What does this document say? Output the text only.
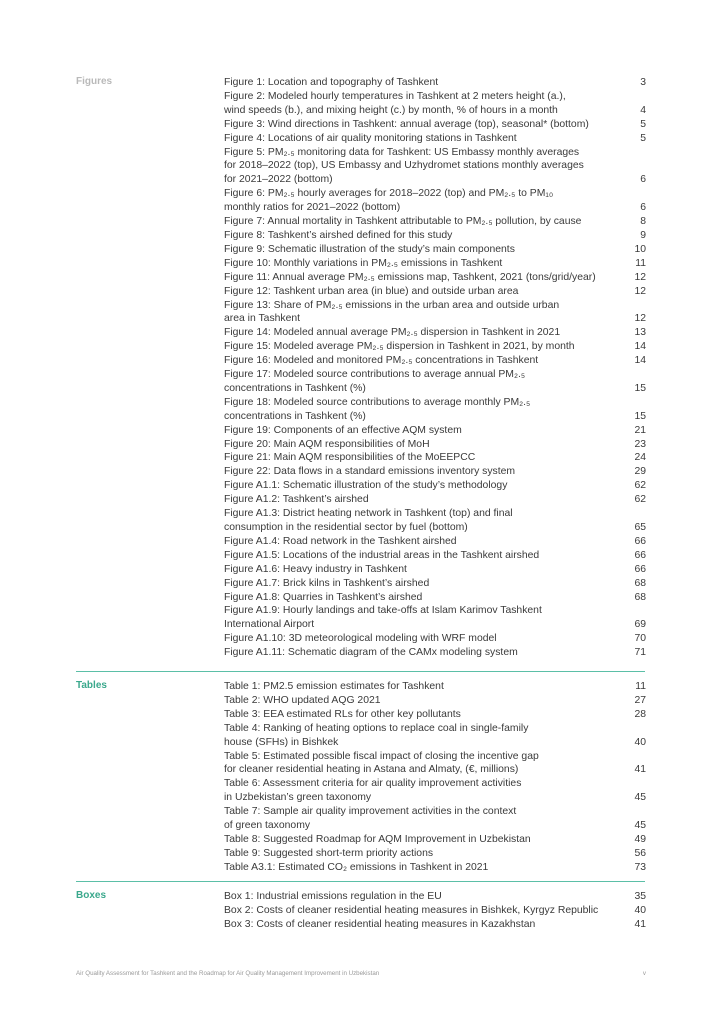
Figures	Figure 1: Location and topography of Tashkent	3
Figure 2: Modeled hourly temperatures in Tashkent at 2 meters height (a.),
wind speeds (b.), and mixing height (c.) by month, % of hours in a month	4
Figure 3: Wind directions in Tashkent: annual average (top), seasonal* (bottom)	5
Figure 4: Locations of air quality monitoring stations in Tashkent	5
Figure 5: PM₂.₅ monitoring data for Tashkent: US Embassy monthly averages
for 2018–2022 (top), US Embassy and Uzhydromet stations monthly averages
for 2021–2022 (bottom)	6
Figure 6: PM₂.₅ hourly averages for 2018–2022 (top) and PM₂.₅ to PM₁₀
monthly ratios for 2021–2022 (bottom)	6
Figure 7: Annual mortality in Tashkent attributable to PM₂.₅ pollution, by cause	8
Figure 8: Tashkent’s airshed defined for this study	9
Figure 9: Schematic illustration of the study’s main components	10
Figure 10: Monthly variations in PM₂.₅ emissions in Tashkent	11
Figure 11: Annual average PM₂.₅ emissions map, Tashkent, 2021 (tons/grid/year)	12
Figure 12: Tashkent urban area (in blue) and outside urban area	12
Figure 13: Share of PM₂.₅ emissions in the urban area and outside urban
area in Tashkent	12
Figure 14: Modeled annual average PM₂.₅ dispersion in Tashkent in 2021	13
Figure 15: Modeled average PM₂.₅ dispersion in Tashkent in 2021, by month	14
Figure 16: Modeled and monitored PM₂.₅ concentrations in Tashkent	14
Figure 17: Modeled source contributions to average annual PM₂.₅
concentrations in Tashkent (%)	15
Figure 18: Modeled source contributions to average monthly PM₂.₅
concentrations in Tashkent (%)	15
Figure 19: Components of an effective AQM system	21
Figure 20: Main AQM responsibilities of MoH	23
Figure 21: Main AQM responsibilities of the MoEEPCC	24
Figure 22: Data flows in a standard emissions inventory system	29
Figure A1.1: Schematic illustration of the study’s methodology	62
Figure A1.2: Tashkent’s airshed	62
Figure A1.3: District heating network in Tashkent (top) and final
consumption in the residential sector by fuel (bottom)	65
Figure A1.4: Road network in the Tashkent airshed	66
Figure A1.5: Locations of the industrial areas in the Tashkent airshed	66
Figure A1.6: Heavy industry in Tashkent	66
Figure A1.7: Brick kilns in Tashkent’s airshed	68
Figure A1.8: Quarries in Tashkent’s airshed	68
Figure A1.9: Hourly landings and take-offs at Islam Karimov Tashkent
International Airport	69
Figure A1.10: 3D meteorological modeling with WRF model	70
Figure A1.11: Schematic diagram of the CAMx modeling system	71
Tables	Table 1: PM2.5 emission estimates for Tashkent	11
Table 2: WHO updated AQG 2021	27
Table 3: EEA estimated RLs for other key pollutants	28
Table 4: Ranking of heating options to replace coal in single-family
house (SFHs) in Bishkek	40
Table 5: Estimated possible fiscal impact of closing the incentive gap
for cleaner residential heating in Astana and Almaty, (€, millions)	41
Table 6: Assessment criteria for air quality improvement activities
in Uzbekistan’s green taxonomy	45
Table 7: Sample air quality improvement activities in the context
of green taxonomy	45
Table 8: Suggested Roadmap for AQM Improvement in Uzbekistan	49
Table 9: Suggested short-term priority actions	56
Table A3.1: Estimated CO₂ emissions in Tashkent in 2021	73
Boxes	Box 1: Industrial emissions regulation in the EU	35
Box 2: Costs of cleaner residential heating measures in Bishkek, Kyrgyz Republic	40
Box 3: Costs of cleaner residential heating measures in Kazakhstan	41
Air Quality Assessment for Tashkent and the Roadmap for Air Quality Management Improvement in Uzbekistan	v
